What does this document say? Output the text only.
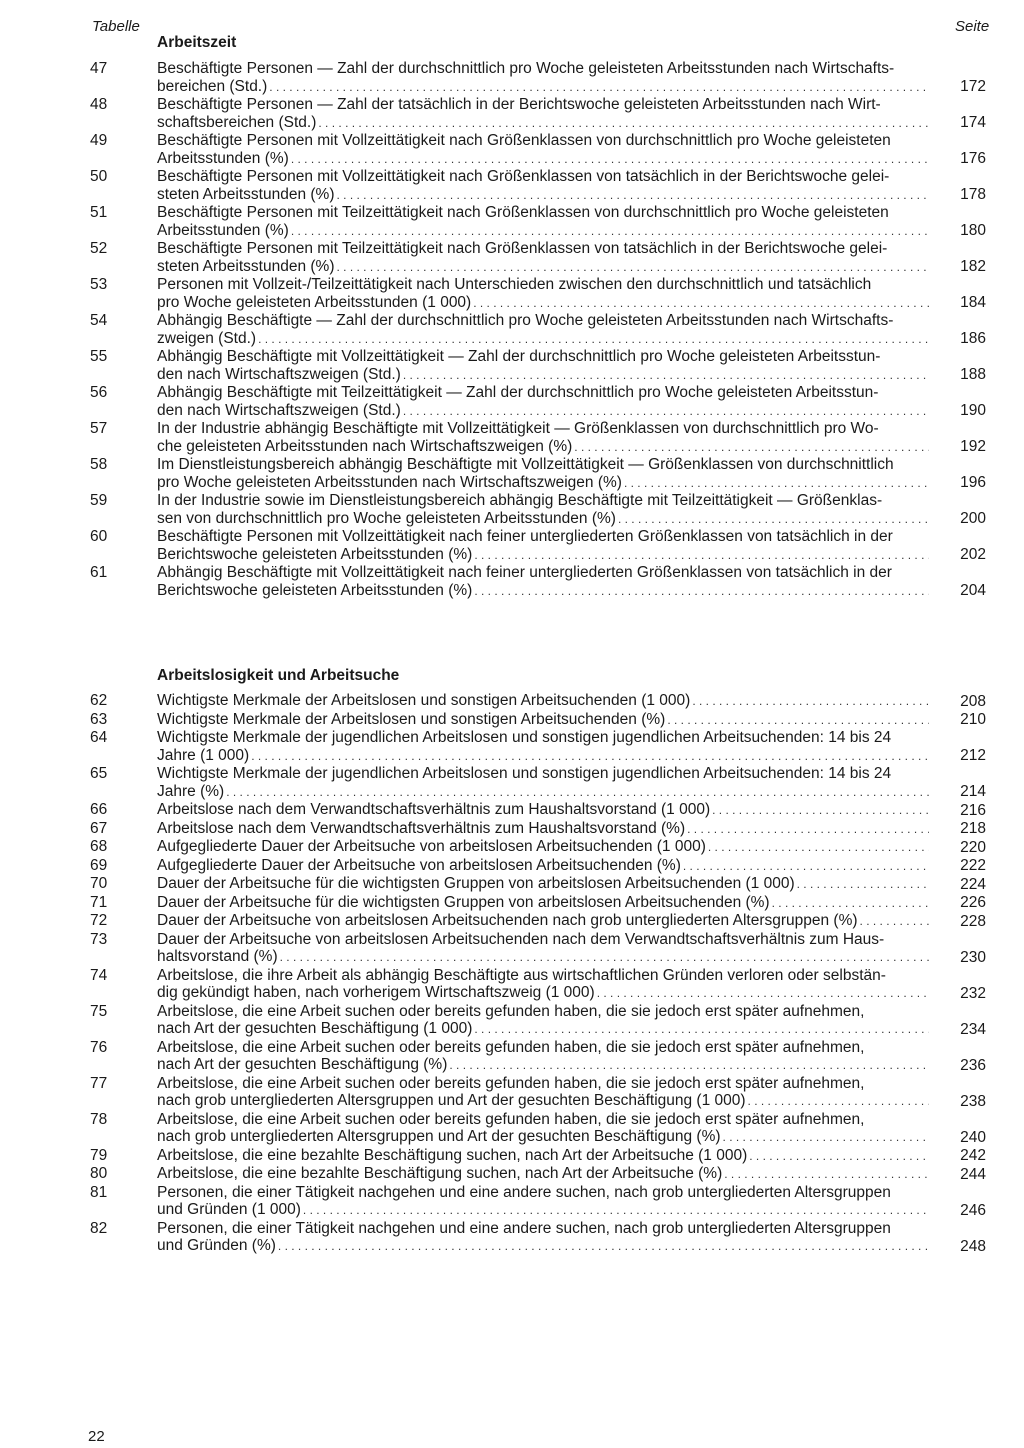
Tabelle	Seite
Arbeitszeit
47	Beschäftigte Personen — Zahl der durchschnittlich pro Woche geleisteten Arbeitsstunden nach Wirtschafts-
bereichen (Std.) . . .	172
48	Beschäftigte Personen — Zahl der tatsächlich in der Berichtswoche geleisteten Arbeitsstunden nach Wirt-
schaftsbereichen (Std.) . . .	174
49	Beschäftigte Personen mit Vollzeittätigkeit nach Größenklassen von durchschnittlich pro Woche geleisteten
Arbeitsstunden (%) . . .	176
50	Beschäftigte Personen mit Vollzeittätigkeit nach Größenklassen von tatsächlich in der Berichtswoche gelei-
steten Arbeitsstunden (%) . . .	178
51	Beschäftigte Personen mit Teilzeittätigkeit nach Größenklassen von durchschnittlich pro Woche geleisteten
Arbeitsstunden (%) . . .	180
52	Beschäftigte Personen mit Teilzeittätigkeit nach Größenklassen von tatsächlich in der Berichtswoche gelei-
steten Arbeitsstunden (%) . . .	182
53	Personen mit Vollzeit-/Teilzeittätigkeit nach Unterschieden zwischen den durchschnittlich und tatsächlich
pro Woche geleisteten Arbeitsstunden (1 000) . . .	184
54	Abhängig Beschäftigte — Zahl der durchschnittlich pro Woche geleisteten Arbeitsstunden nach Wirtschafts-
zweigen (Std.) . . .	186
55	Abhängig Beschäftigte mit Vollzeittätigkeit — Zahl der durchschnittlich pro Woche geleisteten Arbeitsstun-
den nach Wirtschaftszweigen (Std.) . . .	188
56	Abhängig Beschäftigte mit Teilzeittätigkeit — Zahl der durchschnittlich pro Woche geleisteten Arbeitsstun-
den nach Wirtschaftszweigen (Std.) . . .	190
57	In der Industrie abhängig Beschäftigte mit Vollzeittätigkeit — Größenklassen von durchschnittlich pro Wo-
che geleisteten Arbeitsstunden nach Wirtschaftszweigen (%) . . .	192
58	Im Dienstleistungsbereich abhängig Beschäftigte mit Vollzeittätigkeit — Größenklassen von durchschnittlich
pro Woche geleisteten Arbeitsstunden nach Wirtschaftszweigen (%) . . .	196
59	In der Industrie sowie im Dienstleistungsbereich abhängig Beschäftigte mit Teilzeittätigkeit — Größenklas-
sen von durchschnittlich pro Woche geleisteten Arbeitsstunden (%) . . .	200
60	Beschäftigte Personen mit Vollzeittätigkeit nach feiner untergliederten Größenklassen von tatsächlich in der
Berichtswoche geleisteten Arbeitsstunden (%) . . .	202
61	Abhängig Beschäftigte mit Vollzeittätigkeit nach feiner untergliederten Größenklassen von tatsächlich in der
Berichtswoche geleisteten Arbeitsstunden (%) . . .	204
Arbeitslosigkeit und Arbeitsuche
62	Wichtigste Merkmale der Arbeitslosen und sonstigen Arbeitsuchenden (1 000) . . .	208
63	Wichtigste Merkmale der Arbeitslosen und sonstigen Arbeitsuchenden (%) . . .	210
64	Wichtigste Merkmale der jugendlichen Arbeitslosen und sonstigen jugendlichen Arbeitsuchenden: 14 bis 24
Jahre (1 000) . . .	212
65	Wichtigste Merkmale der jugendlichen Arbeitslosen und sonstigen jugendlichen Arbeitsuchenden: 14 bis 24
Jahre (%) . . .	214
66	Arbeitslose nach dem Verwandtschaftsverhältnis zum Haushaltsvorstand (1 000) . . .	216
67	Arbeitslose nach dem Verwandtschaftsverhältnis zum Haushaltsvorstand (%) . . .	218
68	Aufgegliederte Dauer der Arbeitsuche von arbeitslosen Arbeitsuchenden (1 000) . . .	220
69	Aufgegliederte Dauer der Arbeitsuche von arbeitslosen Arbeitsuchenden (%) . . .	222
70	Dauer der Arbeitsuche für die wichtigsten Gruppen von arbeitslosen Arbeitsuchenden (1 000) . . .	224
71	Dauer der Arbeitsuche für die wichtigsten Gruppen von arbeitslosen Arbeitsuchenden (%) . . .	226
72	Dauer der Arbeitsuche von arbeitslosen Arbeitsuchenden nach grob untergliederten Altersgruppen (%) . . .	228
73	Dauer der Arbeitsuche von arbeitslosen Arbeitsuchenden nach dem Verwandtschaftsverhältnis zum Haus-
haltsvorstand (%) . . .	230
74	Arbeitslose, die ihre Arbeit als abhängig Beschäftigte aus wirtschaftlichen Gründen verloren oder selbstän-
dig gekündigt haben, nach vorherigem Wirtschaftszweig (1 000) . . .	232
75	Arbeitslose, die eine Arbeit suchen oder bereits gefunden haben, die sie jedoch erst später aufnehmen,
nach Art der gesuchten Beschäftigung (1 000) . . .	234
76	Arbeitslose, die eine Arbeit suchen oder bereits gefunden haben, die sie jedoch erst später aufnehmen,
nach Art der gesuchten Beschäftigung (%) . . .	236
77	Arbeitslose, die eine Arbeit suchen oder bereits gefunden haben, die sie jedoch erst später aufnehmen,
nach grob untergliederten Altersgruppen und Art der gesuchten Beschäftigung (1 000) . . .	238
78	Arbeitslose, die eine Arbeit suchen oder bereits gefunden haben, die sie jedoch erst später aufnehmen,
nach grob untergliederten Altersgruppen und Art der gesuchten Beschäftigung (%) . . .	240
79	Arbeitslose, die eine bezahlte Beschäftigung suchen, nach Art der Arbeitsuche (1 000) . . .	242
80	Arbeitslose, die eine bezahlte Beschäftigung suchen, nach Art der Arbeitsuche (%) . . .	244
81	Personen, die einer Tätigkeit nachgehen und eine andere suchen, nach grob untergliederten Altersgruppen
und Gründen (1 000) . . .	246
82	Personen, die einer Tätigkeit nachgehen und eine andere suchen, nach grob untergliederten Altersgruppen
und Gründen (%) . . .	248
22
